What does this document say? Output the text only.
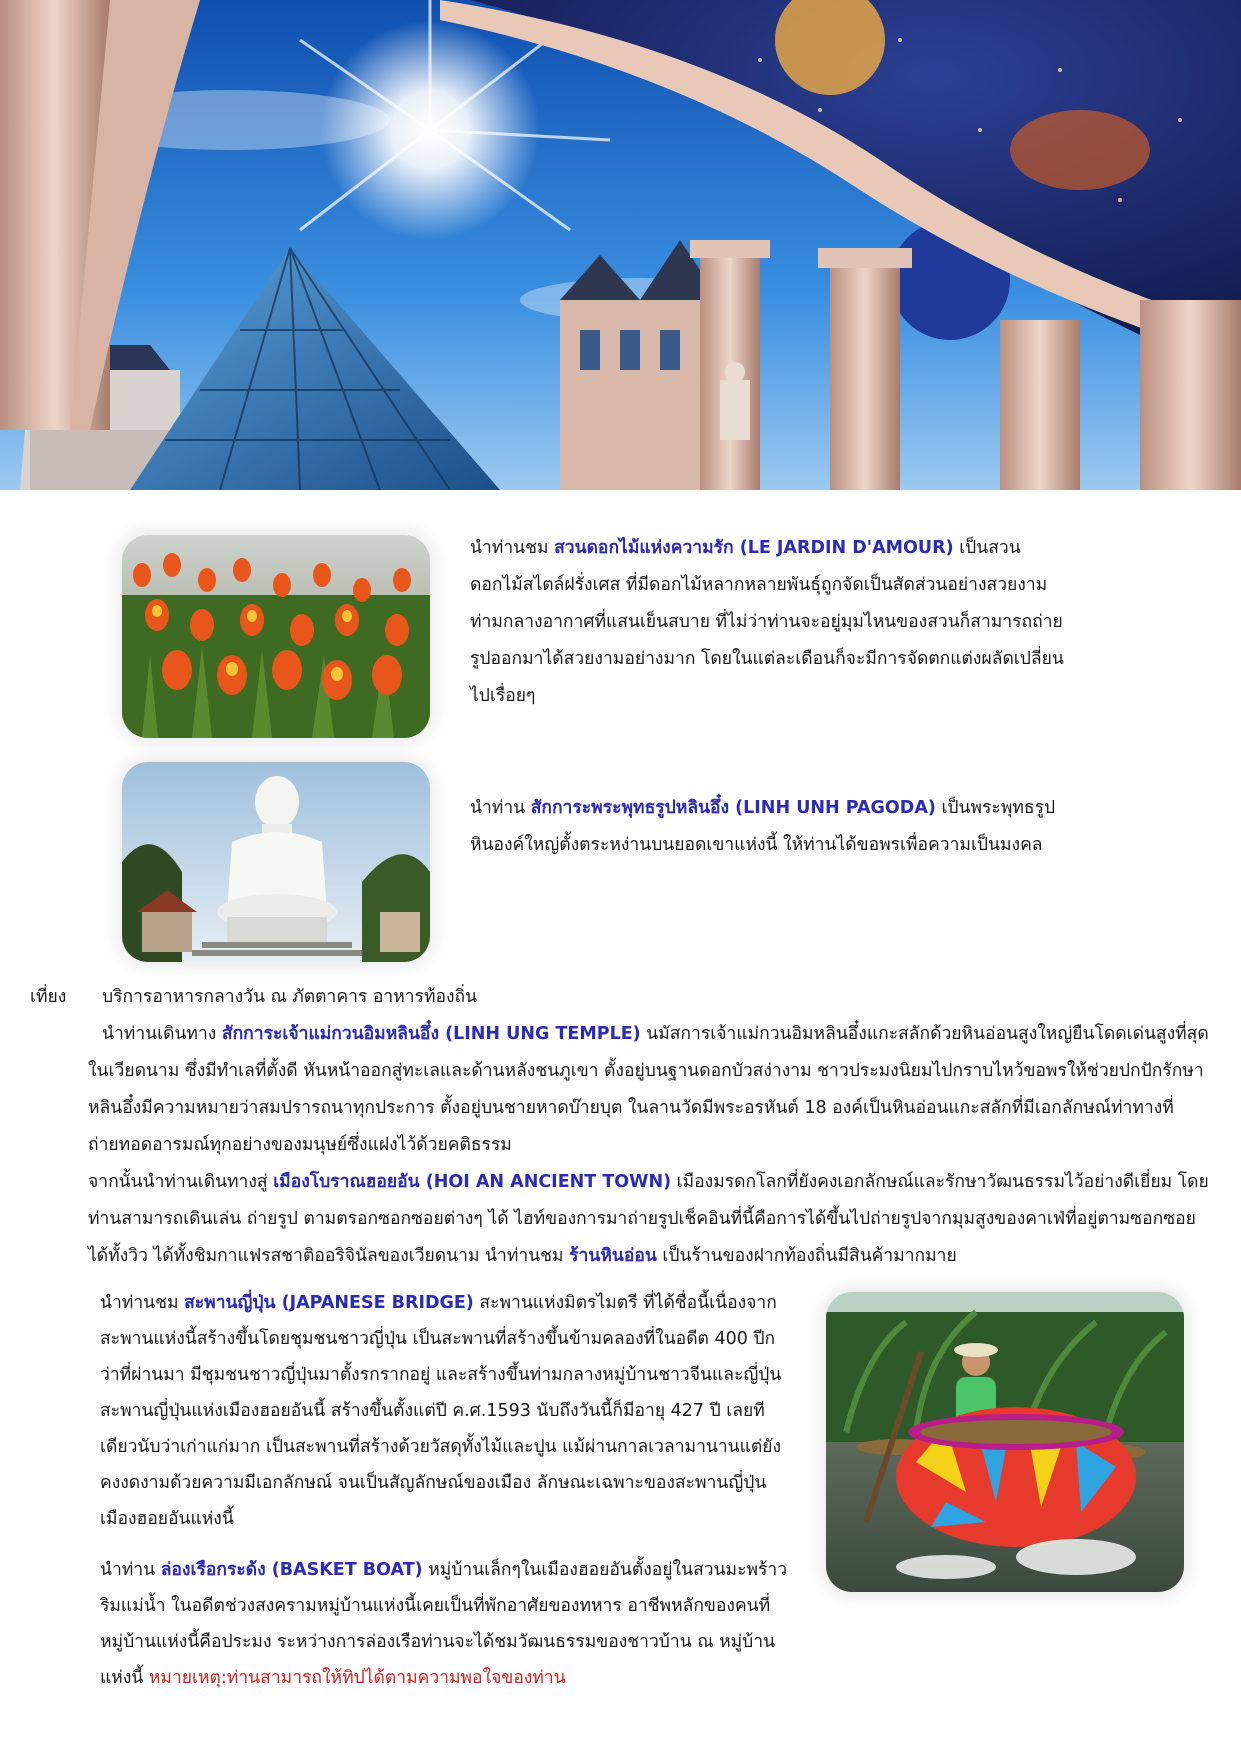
นำท่านชม สวนดอกไม้แห่งความรัก (LE JARDIN D'AMOUR) เป็นสวนดอกไม้สไตล์ฝรั่งเศส ที่มีดอกไม้หลากหลายพันธุ์ถูกจัดเป็นสัดส่วนอย่างสวยงามท่ามกลางอากาศที่แสนเย็นสบาย ที่ไม่ว่าท่านจะอยู่มุมไหนของสวนก็สามารถถ่ายรูปออกมาได้สวยงามอย่างมาก โดยในแต่ละเดือนก็จะมีการจัดตกแต่งผลัดเปลี่ยนไปเรื่อยๆ

นำท่าน สักการะพระพุทธรูปหลินอึ๋ง (LINH UNH PAGODA) เป็นพระพุทธรูปหินองค์ใหญ่ตั้งตระหง่านบนยอดเขาแห่งนี้ ให้ท่านได้ขอพรเพื่อความเป็นมงคล

เที่ยง บริการอาหารกลางวัน ณ ภัตตาคาร อาหารท้องถิ่น

นำท่านเดินทาง สักการะเจ้าแม่กวนอิมหลินอึ๋ง (LINH UNG TEMPLE) นมัสการเจ้าแม่กวนอิมหลินอึ๋งแกะสลักด้วยหินอ่อนสูงใหญ่ยืนโดดเด่นสูงที่สุดในเวียดนาม ซึ่งมีทำเลที่ตั้งดี หันหน้าออกสู่ทะเลและด้านหลังชนภูเขา ตั้งอยู่บนฐานดอกบัวสง่างาม ชาวประมงนิยมไปกราบไหว้ขอพรให้ช่วยปกปักรักษา หลินอึ๋งมีความหมายว่าสมปรารถนาทุกประการ ตั้งอยู่บนชายหาดบ๊ายบุต ในลานวัดมีพระอรหันต์ 18 องค์เป็นหินอ่อนแกะสลักที่มีเอกลักษณ์ท่าทางที่ถ่ายทอดอารมณ์ทุกอย่างของมนุษย์ซึ่งแฝงไว้ด้วยคติธรรม

จากนั้นนำท่านเดินทางสู่ เมืองโบราณฮอยอัน (HOI AN ANCIENT TOWN) เมืองมรดกโลกที่ยังคงเอกลักษณ์และรักษาวัฒนธรรมไว้อย่างดีเยี่ยม โดยท่านสามารถเดินเล่น ถ่ายรูป ตามตรอกซอกซอยต่างๆ ได้ ไฮท์ของการมาถ่ายรูปเช็คอินที่นี้คือการได้ขึ้นไปถ่ายรูปจากมุมสูงของคาเฟ่ที่อยู่ตามซอกซอย ได้ทั้งวิว ได้ทั้งชิมกาแฟรสชาติออริจินัลของเวียดนาม นำท่านชม ร้านหินอ่อน เป็นร้านของฝากท้องถิ่นมีสินค้ามากมาย

นำท่านชม สะพานญี่ปุ่น (JAPANESE BRIDGE) สะพานแห่งมิตรไมตรี ที่ได้ชื่อนี้เนื่องจากสะพานแห่งนี้สร้างขึ้นโดยชุมชนชาวญี่ปุ่น เป็นสะพานที่สร้างขึ้นข้ามคลองที่ในอดีต 400 ปีกว่าที่ผ่านมา มีชุมชนชาวญี่ปุ่นมาตั้งรกรากอยู่ และสร้างขึ้นท่ามกลางหมู่บ้านชาวจีนและญี่ปุ่น สะพานญี่ปุ่นแห่งเมืองฮอยอันนี้ สร้างขึ้นตั้งแต่ปี ค.ศ.1593 นับถึงวันนี้ก็มีอายุ 427 ปี เลยทีเดียวนับว่าเก่าแก่มาก เป็นสะพานที่สร้างด้วยวัสดุทั้งไม้และปูน แม้ผ่านกาลเวลามานานแต่ยังคงงดงามด้วยความมีเอกลักษณ์ จนเป็นสัญลักษณ์ของเมือง ลักษณะเฉพาะของสะพานญี่ปุ่นเมืองฮอยอันแห่งนี้

นำท่าน ล่องเรือกระด้ง (BASKET BOAT) หมู่บ้านเล็กๆในเมืองฮอยอันตั้งอยู่ในสวนมะพร้าวริมแม่น้ำ ในอดีตช่วงสงครามหมู่บ้านแห่งนี้เคยเป็นที่พักอาศัยของทหาร อาชีพหลักของคนที่หมู่บ้านแห่งนี้คือประมง ระหว่างการล่องเรือท่านจะได้ชมวัฒนธรรมของชาวบ้าน ณ หมู่บ้านแห่งนี้ หมายเหตุ:ท่านสามารถให้ทิปได้ตามความพอใจของท่าน
